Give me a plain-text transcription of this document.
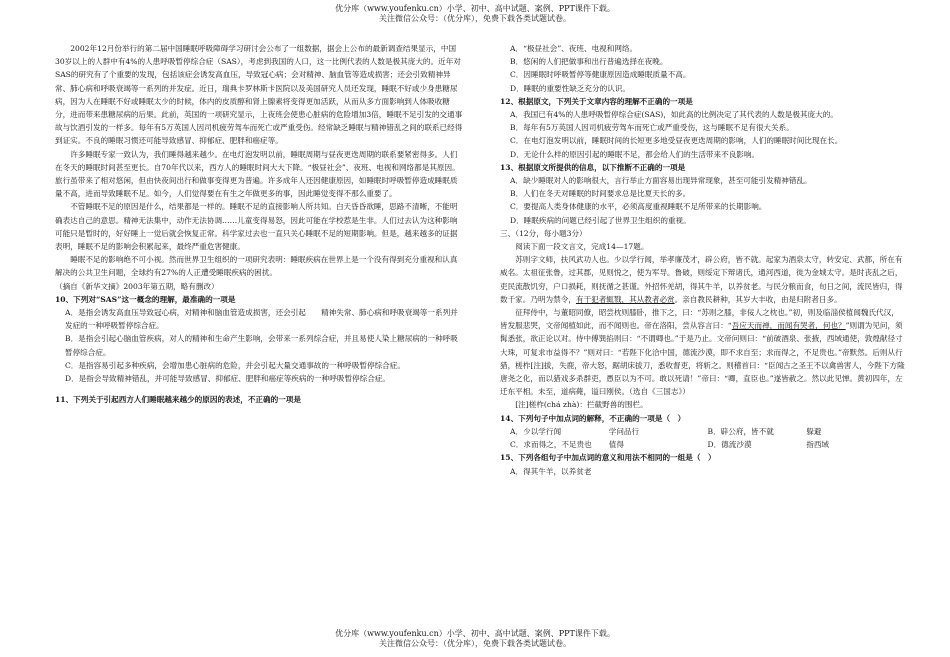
优分库（www.youfenku.cn）小学、初中、高中试题、案例、PPT课件下载。
关注微信公众号：（优分库），免费下载各类试题试卷。

2002年12月份举行的第二届中国睡眠呼吸障碍学习研讨会公布了一组数据，据会上公布的最新调查结果显示，中国30岁以上的人群中有4%的人患呼吸暂停综合症（SAS），考虑到我国的人口，这一比例代表的人数是极其庞大的。近年对SAS的研究有了个重要的发现，包括该症会诱发高血压，导致冠心病；会对精神、脑血管等造成损害；还会引致精神异常、肺心病和呼吸衰竭等一系列的并发症。近日，瑞典卡罗林斯卡医院以及美国研究人员还发现，睡眠不好或少身患糖尿病，因为人在睡眠不好或睡眠太少的时候，体内的皮质醇和肾上腺素将变得更加活跃，从而从多方面影响到人体吸收糖分，进而带来患糖尿病的后果。此前，英国的一项研究显示，上夜班会使患心脏病的危险增加3倍，睡眠不足引发的交通事故与饮酒引发的一样多。每年有5万英国人因司机疲劳驾车而死亡或严重受伤。经常缺乏睡眠与精神错乱之间的联系已经得到证实。不良的睡眠习惯还可能导致感冒、抑郁症、肥胖和癌症等。

许多睡眠专家一致认为，我们睡得越来越少。在电灯泡发明以前，睡眠周期与昼夜更迭周期的联系要紧密得多。人们在冬天的睡眠时间甚至更长。自70年代以来，西方人的睡眠时间大大下降。“极昼社会”、夜班、电视和网络都是其原因。旅行虽带来了相对悠闲，但由快夜间出行和做事变得更为普遍。许多成年人还因健康原因，如睡眠时呼吸暂停造成睡眠质量不高，进而导致睡眠不足。如今，人们觉得要在有生之年做更多的事，因此睡觉变得不那么重要了。

不管睡眠不足的原因是什么，结果都是一样的。睡眠不足的直接影响人所共知。白天昏昏欲睡，思路不清晰，不能明确表达自己的意思。精神无法集中，动作无法协调……儿童变得易怒，因此可能在学校惹是生非。人们过去认为这种影响可能只是暂时的，好好睡上一觉后就会恢复正常。科学家过去也一直只关心睡眠不足的短期影响。但是，越来越多的证据表明，睡眠不足的影响会积累起来，最终严重危害健康。

睡眠不足的影响绝不可小视。然而世界卫生组织的一项研究表明：睡眠疾病在世界上是一个没有得到充分重视和认真解决的公共卫生问题，全球约有27%的人正遭受睡眠疾病的困扰。

（摘自《新华文摘》2003年第五期，略有删改）

10、下列对“SAS”这一概念的理解，最准确的一项是

A．是指会诱发高血压导致冠心病，对精神和脑血管造成损害，还会引起　　精神失常、肺心病和呼吸衰竭等一系列并发症的一种呼吸暂停综合症。

B．是指会引起心脑血管疾病，对人的精神和生命产生影响，会带来一系列综合症，并且易使人染上糖尿病的一种呼吸暂停综合症。

C．是指容易引起多种疾病，会增加患心脏病的危险，并会引起大量交通事故的一种呼吸暂停综合症。

D．是指会导致精神错乱，并可能导致感冒、抑郁症、肥胖和癌症等疾病的一种呼吸暂停综合症。

11、下列关于引起西方人们睡眠越来越少的原因的表述，不正确的一项是

A．“极昼社会”、夜班、电视和网络。

B．悠闲的人们把做事和出行普遍选择在夜晚。

C．因睡眠时呼吸暂停等健康原因造成睡眠质量不高。

D．睡眠的重要性缺乏充分的认识。

12、根据原文，下列关于文章内容的理解不正确的一项是

A．我国已有4%的人患呼吸暂停综合症(SAS)，如此高的比例决定了其代表的人数是极其庞大的。

B．每年有5万英国人因司机疲劳驾车而死亡或严重受伤，这与睡眠不足有很大关系。

C．在电灯泡发明以前，睡眠时间的长短更多地受昼夜更迭周期的影响，人们的睡眠时间比现在长。

D．无论什么样的原因引起的睡眠不足，都会给人们的生活带来不良影响。

13、根据原文所提供的信息，以下推断不正确的一项是

A．缺少睡眠对人的影响很大，言行举止方面容易出现异常现象，甚至可能引发精神错乱。

B．人们在冬天对睡眠的时间要求总是比夏天长的多。

C．要提高人类身体健康的水平，必须高度重视睡眠不足所带来的长期影响。

D．睡眠疾病的问题已经引起了世界卫生组织的重视。

三、（12分，每小题3分）

阅读下面一段文言文，完成14—17题。

苏则字文师，扶风武功人也。少以学行闻，举孝廉茂才，辟公府，皆不就。起家为酒泉太守，转安定、武都，所在有威名。太祖征张鲁，过其郡，见则悦之，使为军导。鲁破，则绥定下辩诸氏，通河西道，徙为金城太守。是时丧乱之后，吏民流散饥穷，户口损耗，则抚循之甚谨。外招怀羌胡，得其牛羊，以养贫老。与民分粮而食，旬日之间，流民皆归，得数千家。乃明为禁令，有干犯者辄戮，其从教者必赏。亲自教民耕种，其岁大丰收，由是归附者日多。

征拜侍中，与董昭同僚，昭尝枕则膝卧，推下之，曰：“苏则之膝，非佞人之枕也。”初，则及临淄侯植闻魏氏代汉，皆发服悲哭，文帝闻植如此，而不闻则也。帝在洛阳，尝从容言曰：“吾应天而禅，而闻有哭者，何也？”则谓为见问，须髯悉张，欲正论以对。侍中傅巽掐则曰：“不谓卿也。”于是乃止。文帝问则曰：“前破酒泉、张掖，西域通使，敦煌献径寸大珠，可复求市益得不？”则对曰：“若陛下化洽中国，德流沙漠，即不求自至；求而得之，不足贵也。”帝默然。后则从行猎，槎柞[注]拔，失鹿，帝大怒，踞胡床拔刀，悉收督吏，将斩之。则稽首曰：“臣闻古之圣王不以禽兽害人，今陛下方隆唐尧之化，而以猎戏多杀群吏，愚臣以为不可。敢以死请！”帝曰：“卿，直臣也。”遂皆赦之。然以此见惮。黄初四年，左迁东平相。未至，道病薨，谥曰刚侯。（选自《三国志》）

[注]槎柞(chá zhà)：拦截野兽的围栏。

14、下列句子中加点词的解释，不正确的一项是（　）

A．少以学行闻	学问品行	B．辟公府，皆不就	躲避
C．求而得之，不足贵也	值得	D．德流沙漠	指西域

15、下列各组句子中加点词的意义和用法不相同的一组是（　）

A．得其牛羊，以养贫老

优分库（www.youfenku.cn）小学、初中、高中试题、案例、PPT课件下载。
关注微信公众号：（优分库），免费下载各类试题试卷。
